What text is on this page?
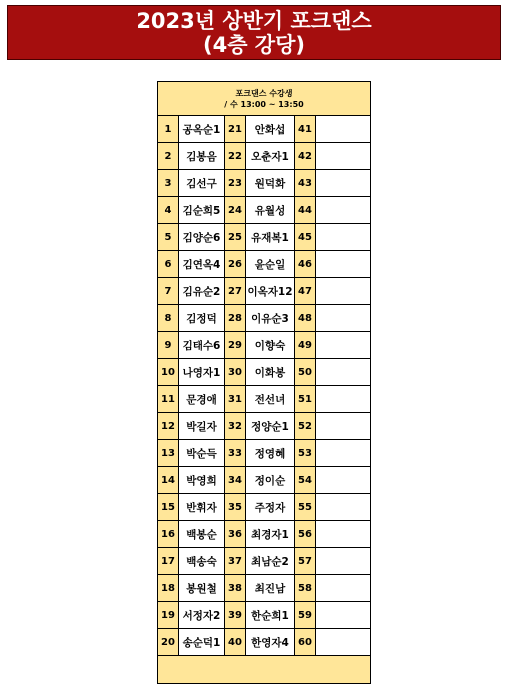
2023년 상반기 포크댄스
(4층 강당)
포크댄스 수강생
/ 수 13:00 ~ 13:50					

1	공옥순1	21	안화섭	41	
2	김봉음	22	오춘자1	42	
3	김선구	23	원덕화	43	
4	김순희5	24	유월성	44	
5	김양순6	25	유재복1	45	
6	김연옥4	26	윤순일	46	
7	김유순2	27	이옥자12	47	
8	김정덕	28	이유순3	48	
9	김태수6	29	이향숙	49	
10	나영자1	30	이화봉	50	
11	문경애	31	전선녀	51	
12	박길자	32	정양순1	52	
13	박순득	33	정영혜	53	
14	박영희	34	정이순	54	
15	반휘자	35	주정자	55	
16	백봉순	36	최경자1	56	
17	백송숙	37	최남순2	57	
18	봉원철	38	최진남	58	
19	서정자2	39	한순희1	59	
20	송순덕1	40	한영자4	60	
